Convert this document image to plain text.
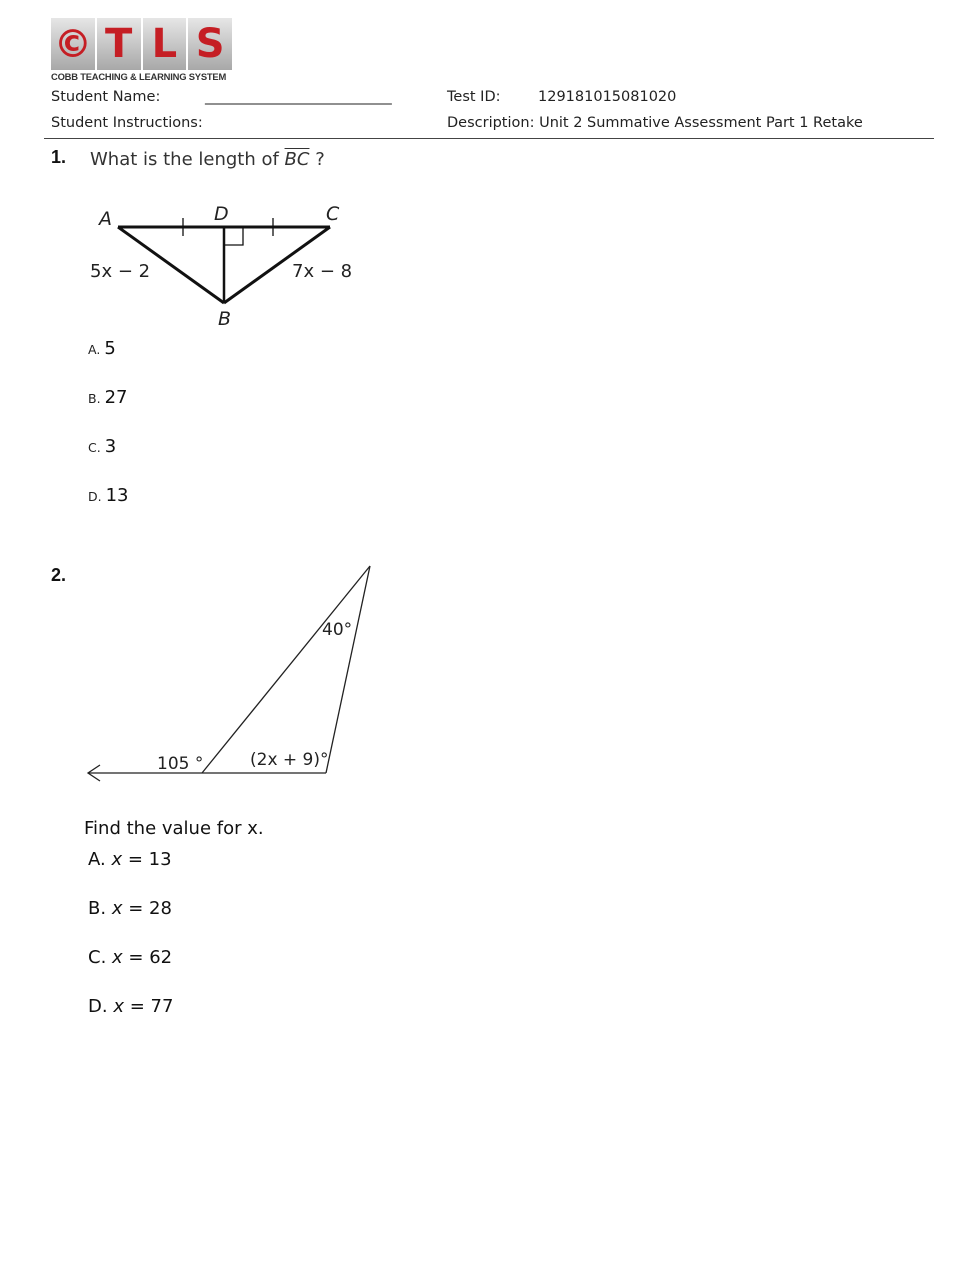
© T L S
COBB TEACHING & LEARNING SYSTEM
Student Name:	____________________________	Test ID:	129181015081020
Student Instructions:	Description: Unit 2 Summative Assessment Part 1 Retake
1. What is the length of $\overline{BC}$ ?
A	D	C
B
5x − 2	7x − 8
A. 5
B. 27
C. 3
D. 13
2.
40°
105 °	(2x + 9)°
Find the value for x.
A. x = 13
B. x = 28
C. x = 62
D. x = 77
